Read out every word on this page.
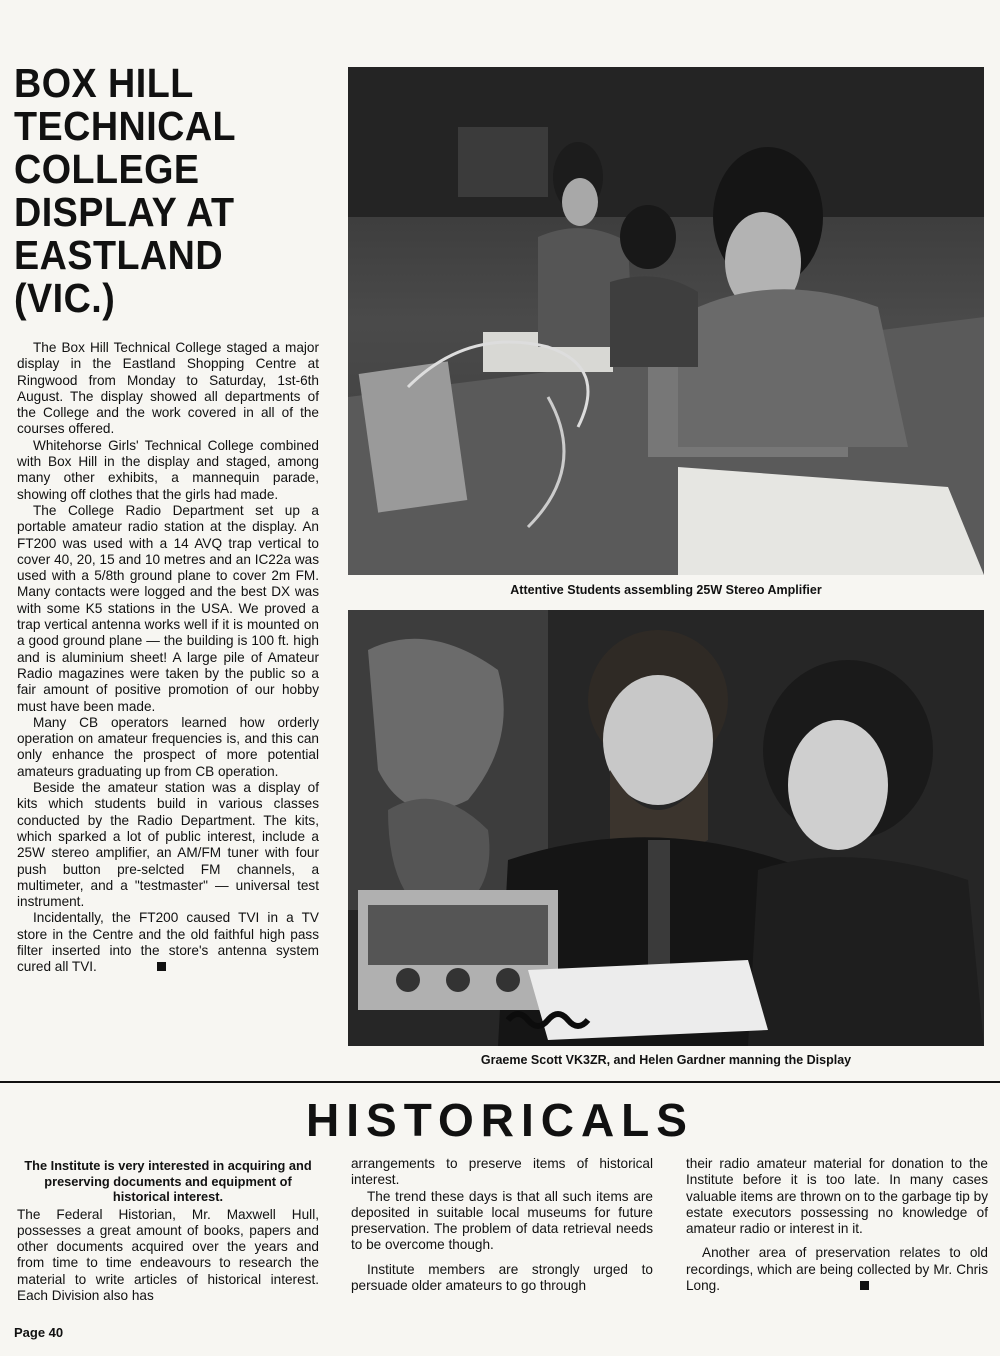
BOX HILL
TECHNICAL
COLLEGE
DISPLAY AT
EASTLAND
(VIC.)

The Box Hill Technical College staged a major display in the Eastland Shopping Centre at Ringwood from Monday to Saturday, 1st-6th August. The display showed all departments of the College and the work covered in all of the courses offered.

Whitehorse Girls' Technical College combined with Box Hill in the display and staged, among many other exhibits, a mannequin parade, showing off clothes that the girls had made.

The College Radio Department set up a portable amateur radio station at the display. An FT200 was used with a 14 AVQ trap vertical to cover 40, 20, 15 and 10 metres and an IC22a was used with a 5/8th ground plane to cover 2m FM. Many contacts were logged and the best DX was with some K5 stations in the USA. We proved a trap vertical antenna works well if it is mounted on a good ground plane — the building is 100 ft. high and is aluminium sheet! A large pile of Amateur Radio magazines were taken by the public so a fair amount of positive promotion of our hobby must have been made.

Many CB operators learned how orderly operation on amateur frequencies is, and this can only enhance the prospect of more potential amateurs graduating up from CB operation.

Beside the amateur station was a display of kits which students build in various classes conducted by the Radio Department. The kits, which sparked a lot of public interest, include a 25W stereo amplifier, an AM/FM tuner with four push button pre-selcted FM channels, a multimeter, and a "testmaster" — universal test instrument.

Incidentally, the FT200 caused TVI in a TV store in the Centre and the old faithful high pass filter inserted into the store's antenna system cured all TVI.

Attentive Students assembling 25W Stereo Amplifier
Graeme Scott VK3ZR, and Helen Gardner manning the Display
HISTORICALS
The Institute is very interested in acquiring and preserving documents and equipment of historical interest.

The Federal Historian, Mr. Maxwell Hull, possesses a great amount of books, papers and other documents acquired over the years and from time to time endeavours to research the material to write articles of historical interest. Each Division also has

arrangements to preserve items of historical interest.

The trend these days is that all such items are deposited in suitable local museums for future preservation. The problem of data retrieval needs to be overcome though.

Institute members are strongly urged to persuade older amateurs to go through

their radio amateur material for donation to the Institute before it is too late. In many cases valuable items are thrown on to the garbage tip by estate executors possessing no knowledge of amateur radio or interest in it.

Another area of preservation relates to old recordings, which are being collected by Mr. Chris Long.

Page 40
